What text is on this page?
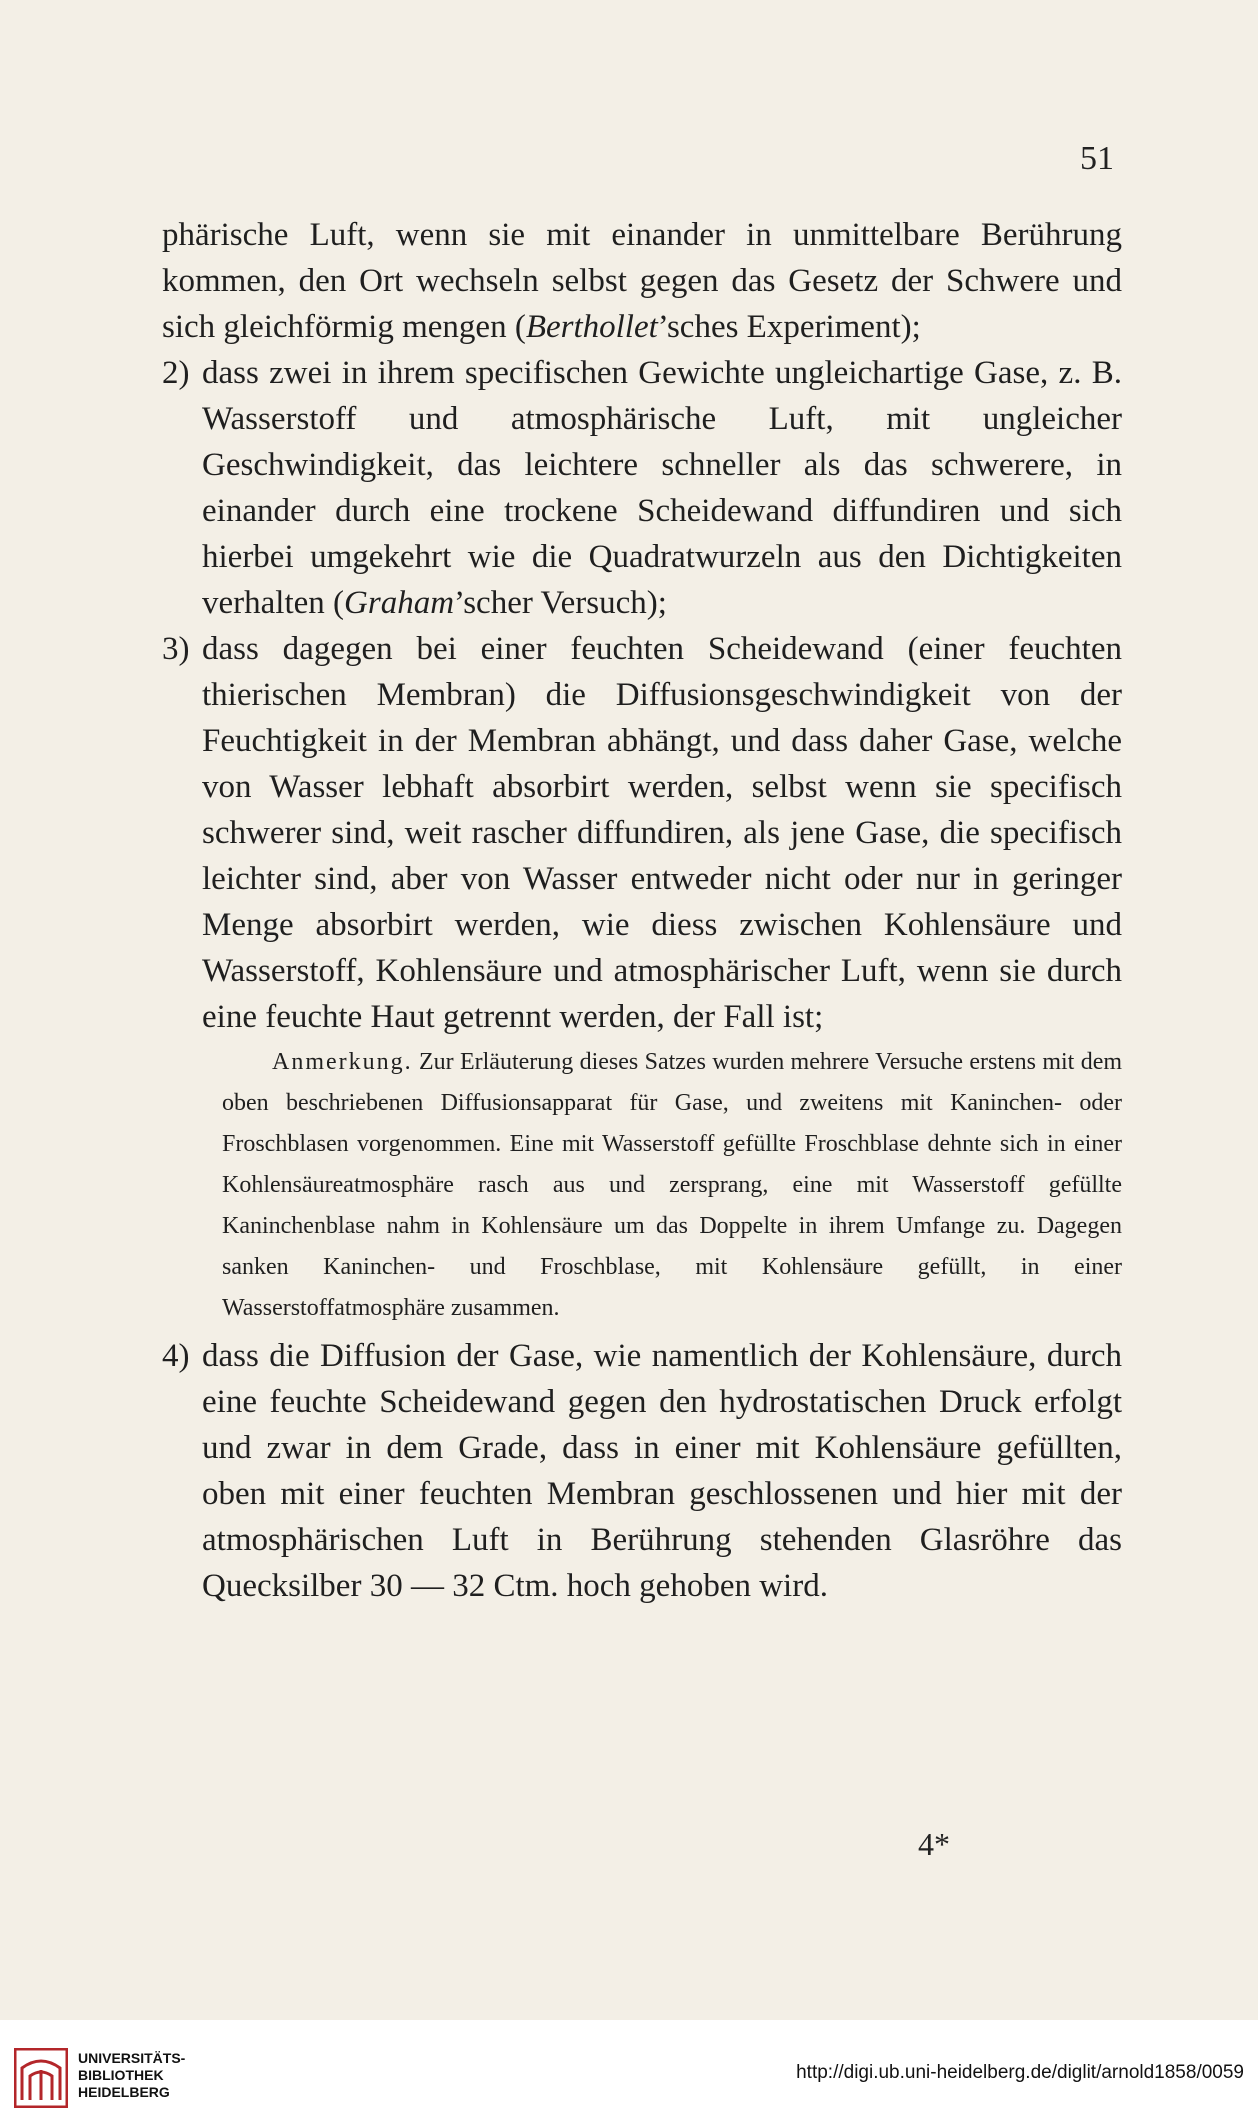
51

phärische Luft, wenn sie mit einander in unmittelbare Berührung kommen, den Ort wechseln selbst gegen das Gesetz der Schwere und sich gleichförmig mengen (Berthollet’sches Experiment);

2) dass zwei in ihrem specifischen Gewichte ungleichartige Gase, z. B. Wasserstoff und atmosphärische Luft, mit ungleicher Geschwindigkeit, das leichtere schneller als das schwerere, in einander durch eine trockene Scheidewand diffundiren und sich hierbei umgekehrt wie die Quadratwurzeln aus den Dichtigkeiten verhalten (Graham’scher Versuch);

3) dass dagegen bei einer feuchten Scheidewand (einer feuchten thierischen Membran) die Diffusionsgeschwindigkeit von der Feuchtigkeit in der Membran abhängt, und dass daher Gase, welche von Wasser lebhaft absorbirt werden, selbst wenn sie specifisch schwerer sind, weit rascher diffundiren, als jene Gase, die specifisch leichter sind, aber von Wasser entweder nicht oder nur in geringer Menge absorbirt werden, wie diess zwischen Kohlensäure und Wasserstoff, Kohlensäure und atmosphärischer Luft, wenn sie durch eine feuchte Haut getrennt werden, der Fall ist;

Anmerkung. Zur Erläuterung dieses Satzes wurden mehrere Versuche erstens mit dem oben beschriebenen Diffusionsapparat für Gase, und zweitens mit Kaninchen- oder Froschblasen vorgenommen. Eine mit Wasserstoff gefüllte Froschblase dehnte sich in einer Kohlensäureatmosphäre rasch aus und zersprang, eine mit Wasserstoff gefüllte Kaninchenblase nahm in Kohlensäure um das Doppelte in ihrem Umfange zu. Dagegen sanken Kaninchen- und Froschblase, mit Kohlensäure gefüllt, in einer Wasserstoffatmosphäre zusammen.

4) dass die Diffusion der Gase, wie namentlich der Kohlensäure, durch eine feuchte Scheidewand gegen den hydrostatischen Druck erfolgt und zwar in dem Grade, dass in einer mit Kohlensäure gefüllten, oben mit einer feuchten Membran geschlossenen und hier mit der atmosphärischen Luft in Berührung stehenden Glasröhre das Quecksilber 30 — 32 Ctm. hoch gehoben wird.

4*
UNIVERSITÄTS-
BIBLIOTHEK
HEIDELBERG
http://digi.ub.uni-heidelberg.de/diglit/arnold1858/0059
